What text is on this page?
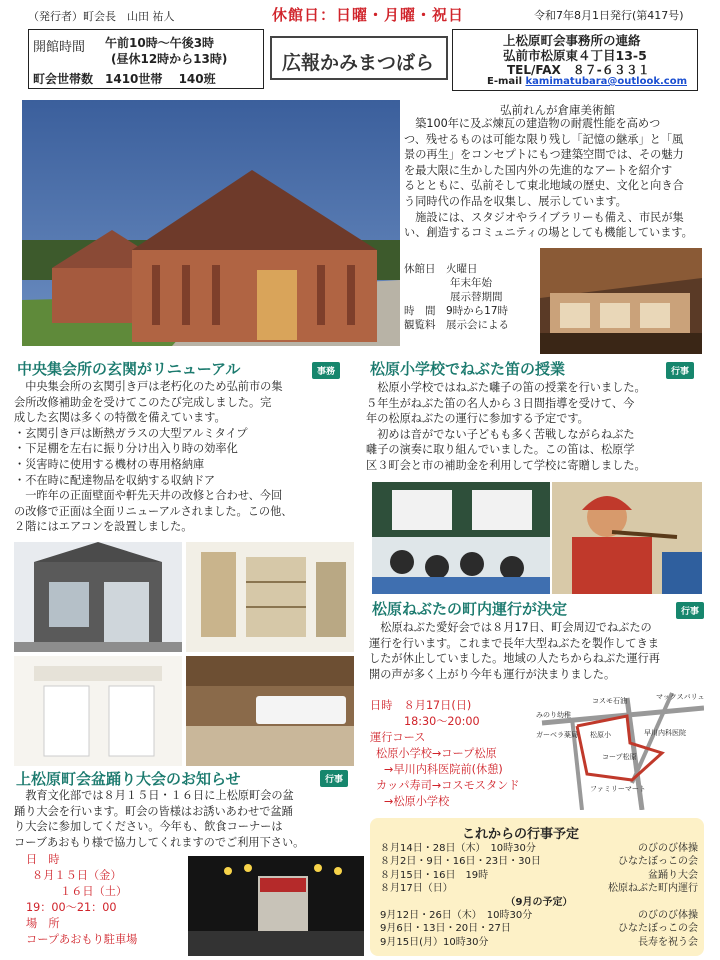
（発行者）町会長　山田 祐人	休館日：日曜・月曜・祝日	令和7年8月1日発行(第417号)
開館時間 午前10時〜午後3時
(昼休12時から13時)
町会世帯数　1410世帯　 140班
広報かみまつばら
上松原町会事務所の連絡
弘前市松原東４丁目13-5
TEL/FAX　８７-６３３１
E-mail kamimatubara@outlook.com
弘前れんが倉庫美術館
　築100年に及ぶ煉瓦の建造物の耐震性能を高めつ
つ、残せるものは可能な限り残し「記憶の継承」と「風
景の再生」をコンセプトにもつ建築空間では、その魅力
を最大限に生かした国内外の先進的なアートを紹介す
るとともに、弘前そして東北地域の歴史、文化と向き合
う同時代の作品を収集し、展示しています。
　施設には、スタジオやライブラリーも備え、市民が集
い、創造するコミュニティの場としても機能しています。
休館日　 火曜日
年末年始
展示替期間
時　間　 9時から17時
観覧料　 展示会による
中央集会所の玄関がリニューアル	事務
　中央集会所の玄関引き戸は老朽化のため弘前市の集
会所改修補助金を受けてこのたび完成しました。完
成した玄関は多くの特徴を備えています。
・玄関引き戸は断熱ガラスの大型アルミタイプ
・下足棚を左右に振り分け出入り時の効率化
・災害時に使用する機材の専用格納庫
・不在時に配達物品を収納する収納ドア
　一昨年の正面壁面や軒先天井の改修と合わせ、今回
の改修で正面は全面リニューアルされました。この他、
２階にはエアコンを設置しました。
松原小学校でねぶた笛の授業	行事
　松原小学校ではねぶた囃子の笛の授業を行いました。
５年生がねぶた笛の名人から３日間指導を受けて、今
年の松原ねぶたの運行に参加する予定です。
　初めは音がでない子どもも多く苦戦しながらねぶた
囃子の演奏に取り組んでいました。この笛は、松原学
区３町会と市の補助金を利用して学校に寄贈しました。
松原ねぶたの町内運行が決定	行事
　松原ねぶた愛好会では８月17日、町会周辺でねぶたの
運行を行います。これまで長年大型ねぶたを製作してきま
したが休止していました。地域の人たちからねぶた運行再
開の声が多く上がり今年も運行が決まりました。
日時　８月17日(日)
18:30〜20:00
運行コース
松原小学校→コープ松原
→早川内科医院前(休憩)
カッパ寿司→コスモスタンド
→松原小学校
コスモ石油
みのり幼稚
ガーベラ薬局 松原小
コープ松原
早川内科医院
ファミリーマート
マックスバリュ
上松原町会盆踊り大会のお知らせ	行事
　教育文化部では８月１５日・１６日に上松原町会の盆
踊り大会を行います。町会の皆様はお誘いあわせで盆踊
り大会に参加してください。今年も、飲食コーナーは
コーブあおもり様で協力してくれますのでご利用下さい。
日　時
８月１５日（金）
１６日（土）
19：00〜21：00
場　所
コープあおもり駐車場
これからの行事予定
８月14日・28日（木）　10時30分	のびのび体操
８月2日・9日・16日・23日・30日	ひなたぼっこの会
８月15日・16日　19時	盆踊り大会
８月17日（日）	松原ねぶた町内運行
（9月の予定）
9月12日・26日（木）　10時30分	のびのび体操
9月6日・13日・20日・27日	ひなたぼっこの会
9月15日(月）10時30分	長寿を祝う会
